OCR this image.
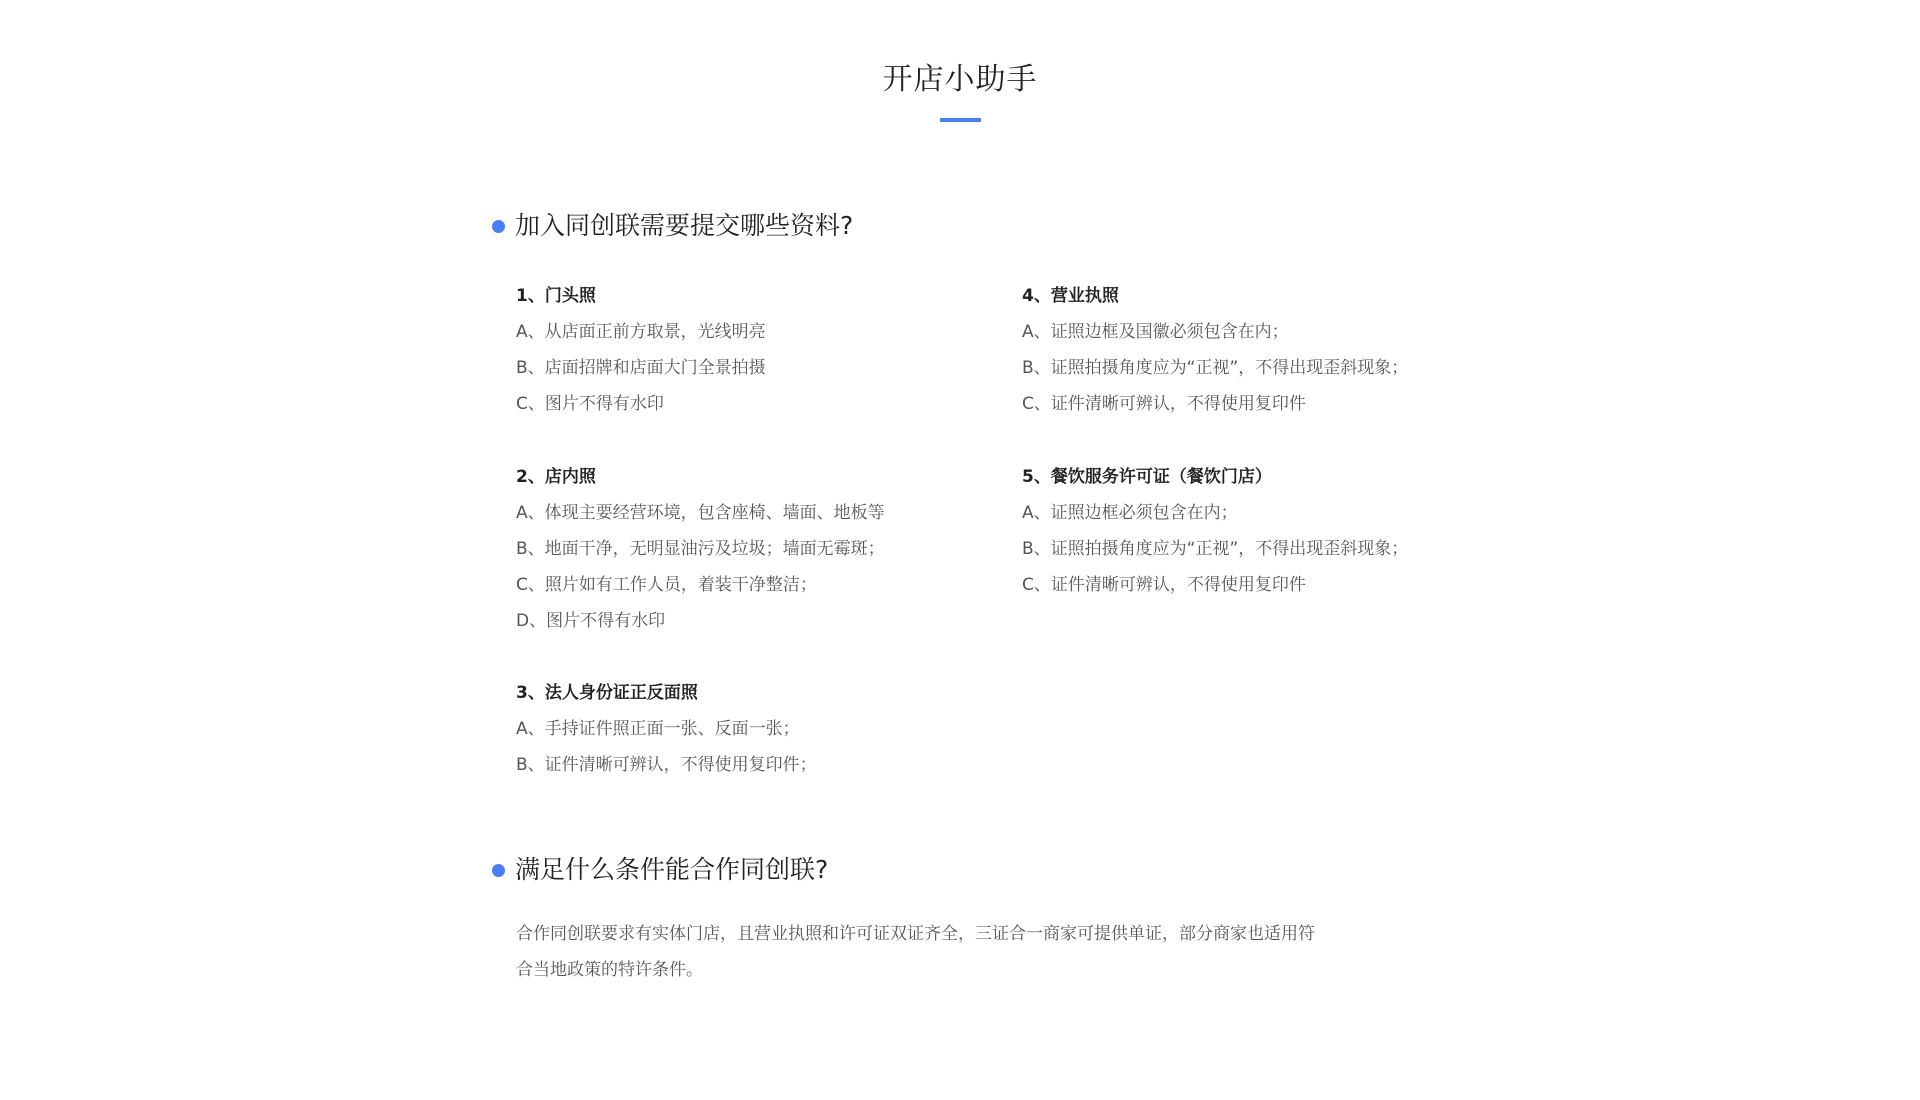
开店小助手
加入同创联需要提交哪些资料?
1、门头照
A、从店面正前方取景，光线明亮
B、店面招牌和店面大门全景拍摄
C、图片不得有水印
2、店内照
A、体现主要经营环境，包含座椅、墙面、地板等
B、地面干净，无明显油污及垃圾；墙面无霉斑；
C、照片如有工作人员，着装干净整洁；
D、图片不得有水印
3、法人身份证正反面照
A、手持证件照正面一张、反面一张；
B、证件清晰可辨认，不得使用复印件；
4、营业执照
A、证照边框及国徽必须包含在内；
B、证照拍摄角度应为“正视”，不得出现歪斜现象；
C、证件清晰可辨认，不得使用复印件
5、餐饮服务许可证（餐饮门店）
A、证照边框必须包含在内；
B、证照拍摄角度应为“正视”，不得出现歪斜现象；
C、证件清晰可辨认，不得使用复印件
满足什么条件能合作同创联?
合作同创联要求有实体门店，且营业执照和许可证双证齐全，三证合一商家可提供单证，部分商家也适用符
合当地政策的特许条件。
